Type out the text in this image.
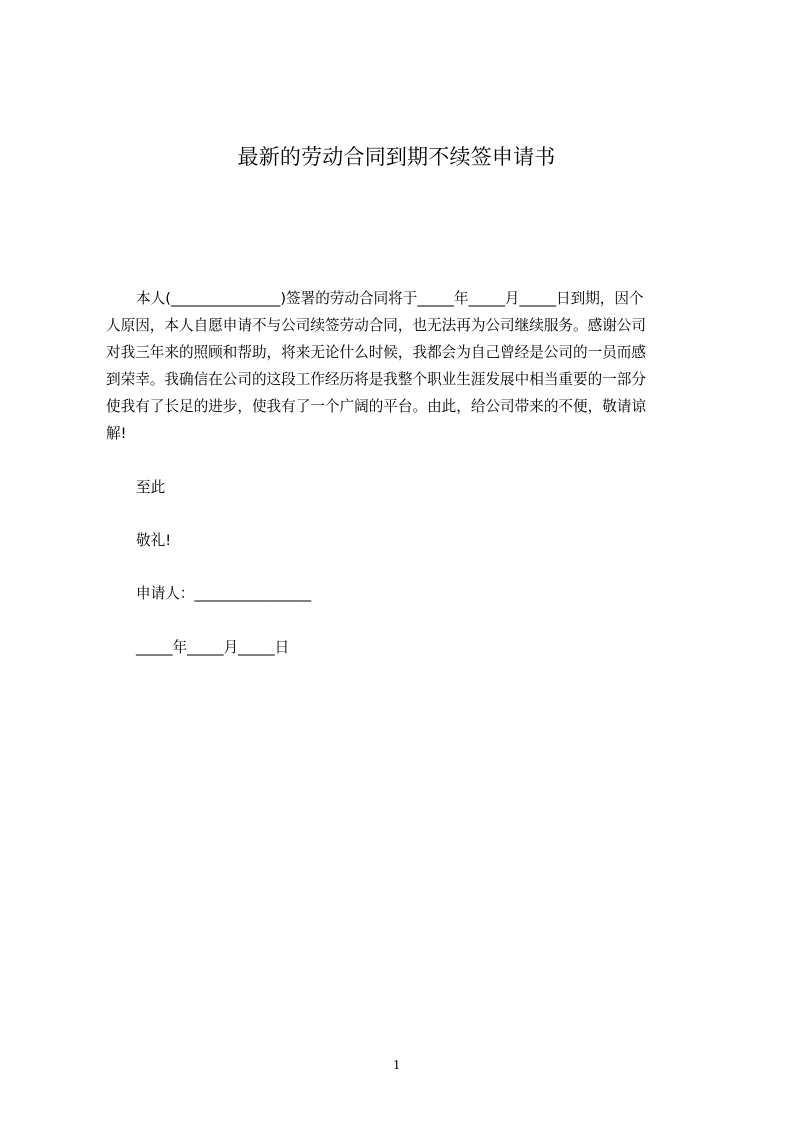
最新的劳动合同到期不续签申请书
本人(_______________)签署的劳动合同将于_____年_____月_____日到期，因个
人原因，本人自愿申请不与公司续签劳动合同，也无法再为公司继续服务。感谢公司
对我三年来的照顾和帮助，将来无论什么时候，我都会为自己曾经是公司的一员而感
到荣幸。我确信在公司的这段工作经历将是我整个职业生涯发展中相当重要的一部分
使我有了长足的进步，使我有了一个广阔的平台。由此，给公司带来的不便，敬请谅
解!
至此
敬礼!
申请人：________________
_____年_____月_____日
1
